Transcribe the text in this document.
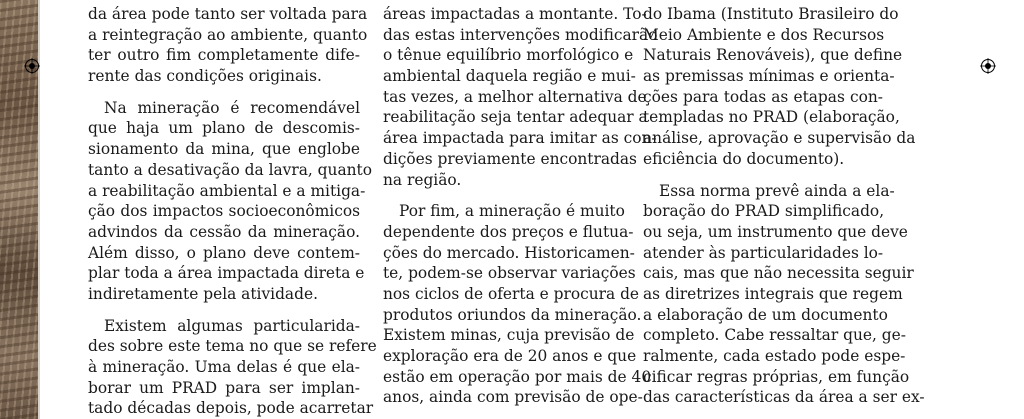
da área pode tanto ser voltada para
a reintegração ao ambiente, quanto
ter outro fim completamente dife-
rente das condições originais.
Na mineração é recomendável
que haja um plano de descomis-
sionamento da mina, que englobe
tanto a desativação da lavra, quanto
a reabilitação ambiental e a mitiga-
ção dos impactos socioeconômicos
advindos da cessão da mineração.
Além disso, o plano deve contem-
plar toda a área impactada direta e
indiretamente pela atividade.
Existem algumas particularida-
des sobre este tema no que se refere
à mineração. Uma delas é que ela-
borar um PRAD para ser implan-
tado décadas depois, pode acarretar
áreas impactadas a montante. To-
das estas intervenções modificarão
o tênue equilíbrio morfológico e
ambiental daquela região e mui-
tas vezes, a melhor alternativa de
reabilitação seja tentar adequar a
área impactada para imitar as con-
dições previamente encontradas
na região.
Por fim, a mineração é muito
dependente dos preços e flutua-
ções do mercado. Historicamen-
te, podem-se observar variações
nos ciclos de oferta e procura de
produtos oriundos da mineração.
Existem minas, cuja previsão de
exploração era de 20 anos e que
estão em operação por mais de 40
anos, ainda com previsão de ope-
do Ibama (Instituto Brasileiro do
Meio Ambiente e dos Recursos
Naturais Renováveis), que define
as premissas mínimas e orienta-
ções para todas as etapas con-
templadas no PRAD (elaboração,
análise, aprovação e supervisão da
eficiência do documento).
Essa norma prevê ainda a ela-
boração do PRAD simplificado,
ou seja, um instrumento que deve
atender às particularidades lo-
cais, mas que não necessita seguir
as diretrizes integrais que regem
a elaboração de um documento
completo. Cabe ressaltar que, ge-
ralmente, cada estado pode espe-
cificar regras próprias, em função
das características da área a ser ex-
